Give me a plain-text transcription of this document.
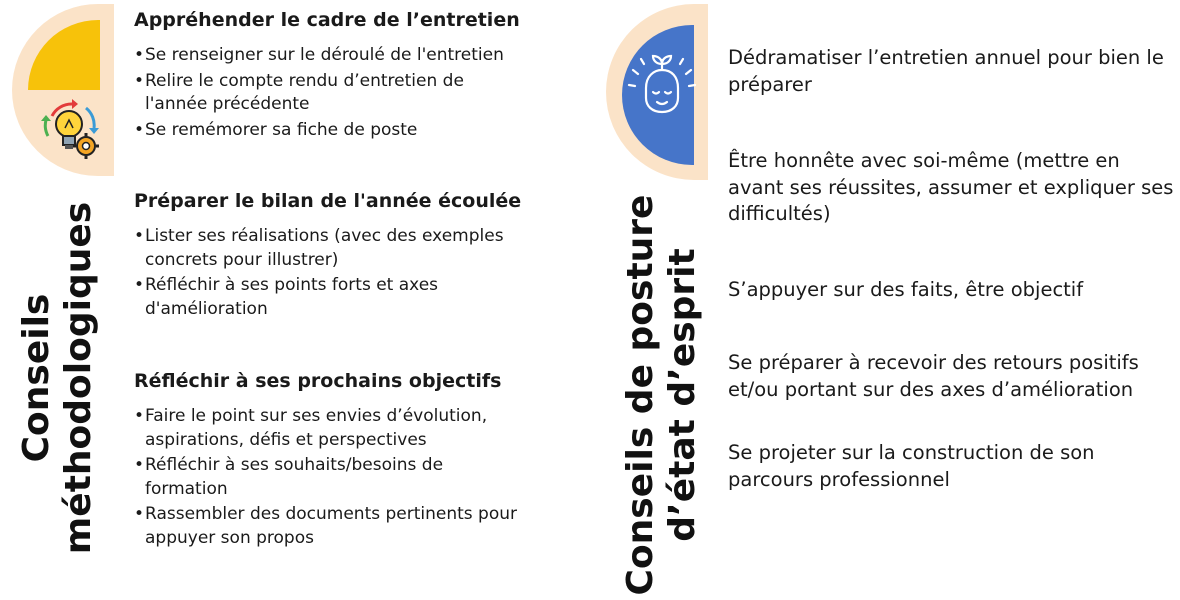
Conseils méthodologiques
Appréhender le cadre de l’entretien
• Se renseigner sur le déroulé de l'entretien
• Relire le compte rendu d’entretien de l'année précédente
• Se remémorer sa fiche de poste
Préparer le bilan de l'année écoulée
• Lister ses réalisations (avec des exemples concrets pour illustrer)
• Réfléchir à ses points forts et axes d'amélioration
Réfléchir à ses prochains objectifs
• Faire le point sur ses envies d’évolution, aspirations, défis et perspectives
• Réfléchir à ses souhaits/besoins de formation
• Rassembler des documents pertinents pour appuyer son propos	Conseils de posture d’état d’esprit
Dédramatiser l’entretien annuel pour bien le préparer
Être honnête avec soi-même (mettre en avant ses réussites, assumer et expliquer ses difficultés)
S’appuyer sur des faits, être objectif
Se préparer à recevoir des retours positifs et/ou portant sur des axes d’amélioration
Se projeter sur la construction de son parcours professionnel
